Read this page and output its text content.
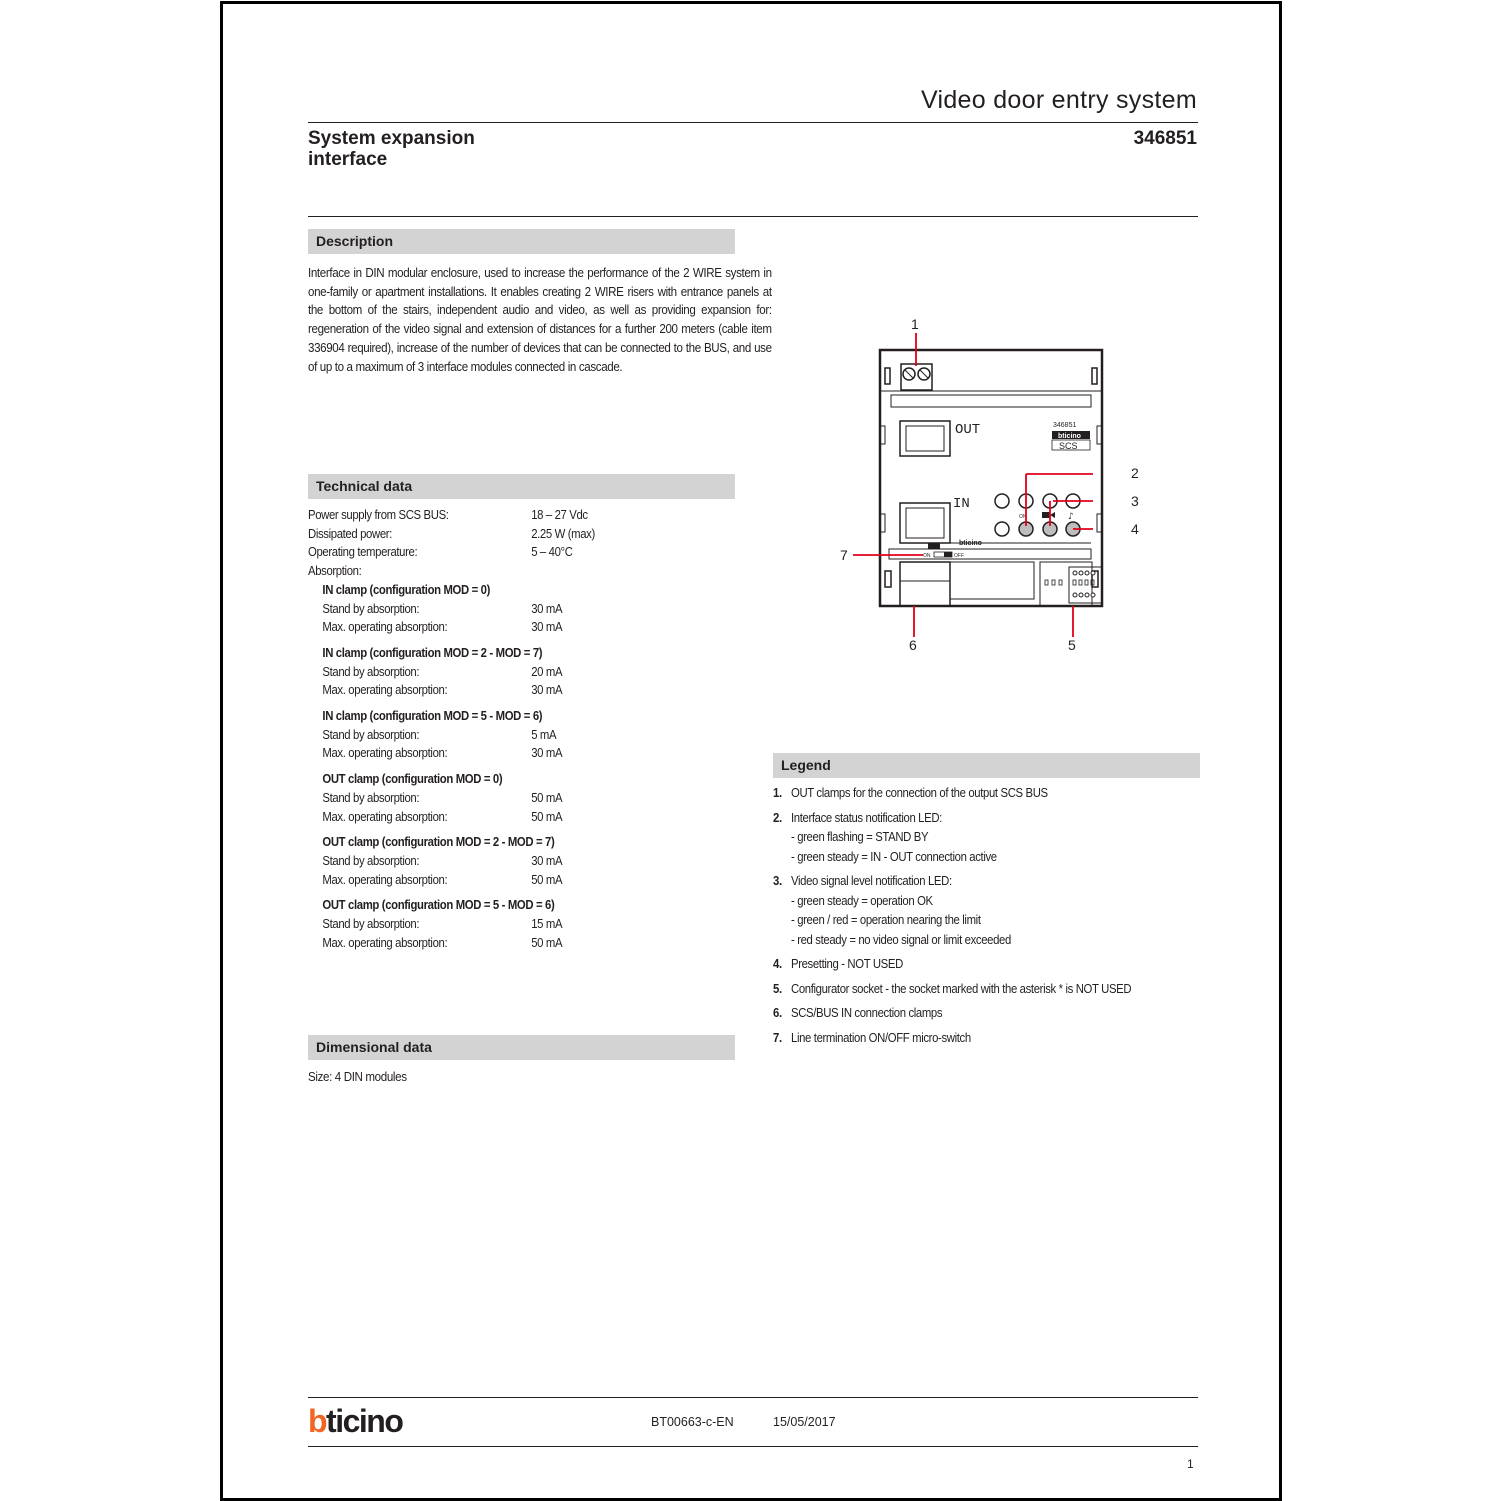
Video door entry system
System expansion
interface
346851
Description
Interface in DIN modular enclosure, used to increase the performance of the 2 WIRE system in one-family or apartment installations. It enables creating 2 WIRE risers with entrance panels at the bottom of the stairs, independent audio and video, as well as providing expansion for: regeneration of the video signal and extension of distances for a further 200 meters (cable item 336904 required), increase of the number of devices that can be connected to the BUS, and use of up to a maximum of 3 interface modules connected in cascade.
Technical data
Power supply from SCS BUS:	18 – 27 Vdc
Dissipated power:	2.25 W (max)
Operating temperature:	5 – 40°C
Absorption:
IN clamp (configuration MOD = 0)
Stand by absorption:	30 mA
Max. operating absorption:	30 mA
IN clamp (configuration MOD = 2 - MOD = 7)
Stand by absorption:	20 mA
Max. operating absorption:	30 mA
IN clamp (configuration MOD = 5 - MOD = 6)
Stand by absorption:	5 mA
Max. operating absorption:	30 mA
OUT clamp (configuration MOD = 0)
Stand by absorption:	50 mA
Max. operating absorption:	50 mA
OUT clamp (configuration MOD = 2 - MOD = 7)
Stand by absorption:	30 mA
Max. operating absorption:	50 mA
OUT clamp (configuration MOD = 5 - MOD = 6)
Stand by absorption:	15 mA
Max. operating absorption:	50 mA
Dimensional data
Size: 4 DIN modules
OUT	346851
bticino
SCS
IN
ON	♪
bticino
ON	OFF
1
2
3
4
5
6
7
Legend
1. OUT clamps for the connection of the output SCS BUS
2. Interface status notification LED:
- green flashing = STAND BY
- green steady = IN - OUT connection active
3. Video signal level notification LED:
- green steady = operation OK
- green / red = operation nearing the limit
- red steady = no video signal or limit exceeded
4. Presetting - NOT USED
5. Configurator socket - the socket marked with the asterisk * is NOT USED
6. SCS/BUS IN connection clamps
7. Line termination ON/OFF micro-switch
bticino	BT00663-c-EN	15/05/2017
1
